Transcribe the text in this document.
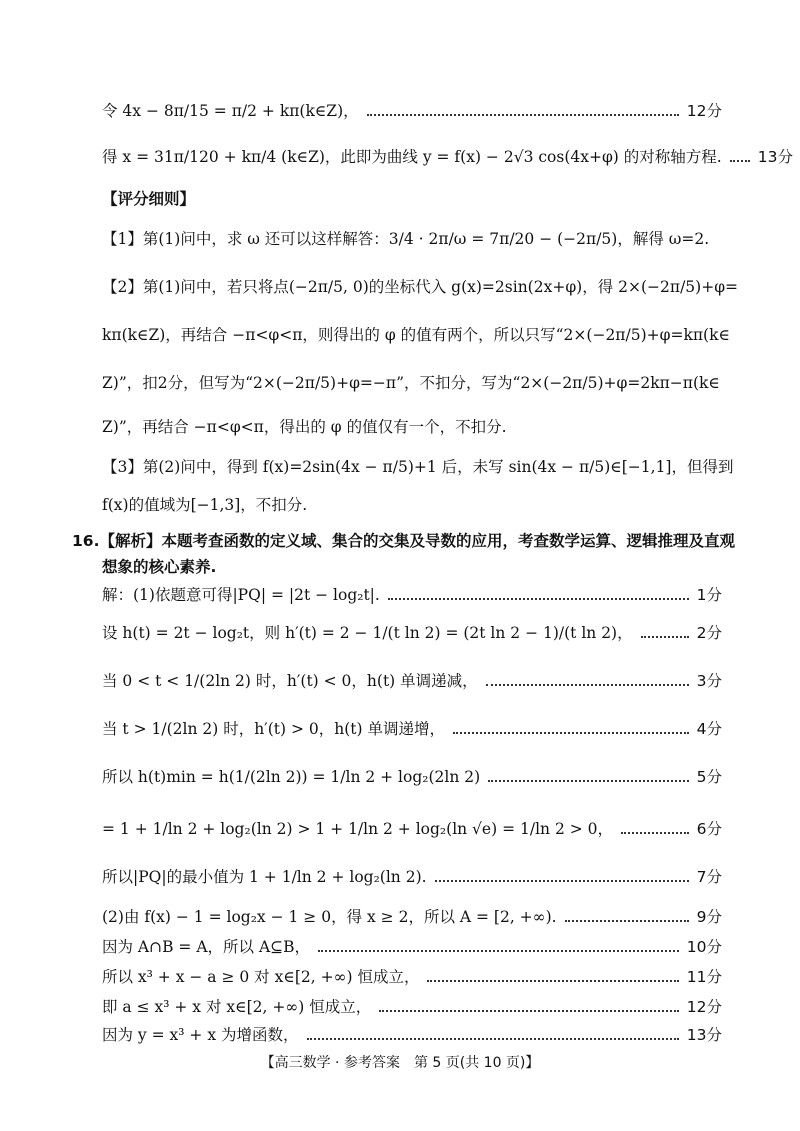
令 4x − 8π/15 = π/2 + kπ(k∈Z)，	12分
得 x = 31π/120 + kπ/4 (k∈Z)，此即为曲线 y = f(x) − 2√3 cos(4x+φ) 的对称轴方程. 13分
【评分细则】
【1】第(1)问中，求 ω 还可以这样解答：3/4 · 2π/ω = 7π/20 − (−2π/5)，解得 ω=2.
【2】第(1)问中，若只将点(−2π/5, 0)的坐标代入 g(x)=2sin(2x+φ)，得 2×(−2π/5)+φ=
kπ(k∈Z)，再结合 −π<φ<π，则得出的 φ 的值有两个，所以只写“2×(−2π/5)+φ=kπ(k∈
Z)”，扣2分，但写为“2×(−2π/5)+φ=−π”，不扣分，写为“2×(−2π/5)+φ=2kπ−π(k∈
Z)”，再结合 −π<φ<π，得出的 φ 的值仅有一个，不扣分.
【3】第(2)问中，得到 f(x)=2sin(4x − π/5)+1 后，未写 sin(4x − π/5)∈[−1,1]，但得到
f(x)的值域为[−1,3]，不扣分.
16.【解析】本题考查函数的定义域、集合的交集及导数的应用，考查数学运算、逻辑推理及直观
想象的核心素养.
解：(1)依题意可得|PQ| = |2t − log₂t|.	1分
设 h(t) = 2t − log₂t，则 h′(t) = 2 − 1/(t ln 2) = (2t ln 2 − 1)/(t ln 2)，	2分
当 0 < t < 1/(2ln 2) 时，h′(t) < 0，h(t) 单调递减，	3分
当 t > 1/(2ln 2) 时，h′(t) > 0，h(t) 单调递增，	4分
所以 h(t)min = h(1/(2ln 2)) = 1/ln 2 + log₂(2ln 2)	5分
= 1 + 1/ln 2 + log₂(ln 2) > 1 + 1/ln 2 + log₂(ln √e) = 1/ln 2 > 0，	6分
所以|PQ|的最小值为 1 + 1/ln 2 + log₂(ln 2).	7分
(2)由 f(x) − 1 = log₂x − 1 ≥ 0，得 x ≥ 2，所以 A = [2, +∞).	9分
因为 A∩B = A，所以 A⊆B，	10分
所以 x³ + x − a ≥ 0 对 x∈[2, +∞) 恒成立，	11分
即 a ≤ x³ + x 对 x∈[2, +∞) 恒成立，	12分
因为 y = x³ + x 为增函数，	13分
【高三数学 · 参考答案　第 5 页(共 10 页)】
